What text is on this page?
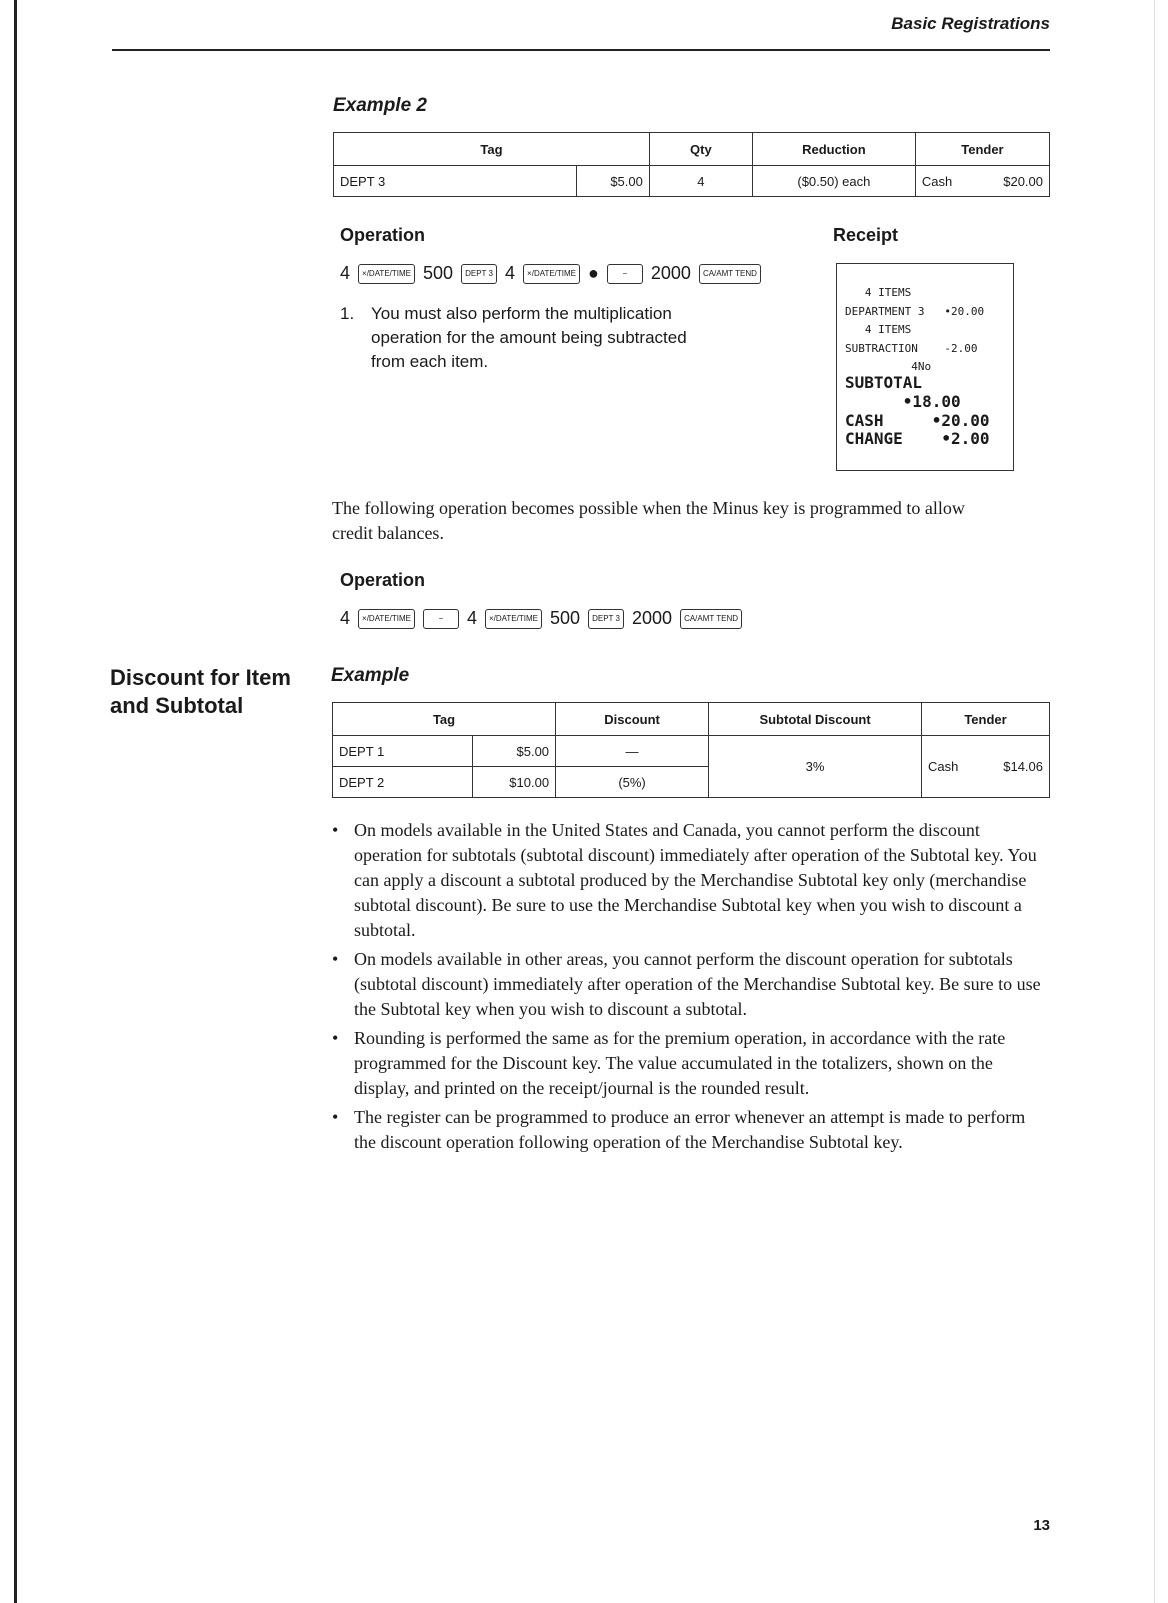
Basic Registrations
Example 2
Tag		Qty	Reduction	Tender	
DEPT 3	$5.00	4	($0.50) each	Cash	$20.00
Operation
4	×/DATE/TIME 500	DEPT 3 4	×/DATE/TIME ●	−	2000	CA/AMT TEND
1. You must also perform the multiplication operation for the amount being subtracted from each item.
Receipt
4 ITEMS
DEPARTMENT 3   •20.00
4 ITEMS
SUBTRACTION    -2.00
4No
SUBTOTAL
•18.00
CASH     •20.00
CHANGE    •2.00
The following operation becomes possible when the Minus key is programmed to allow credit balances.
Operation
4	×/DATE/TIME	−	4	×/DATE/TIME 500	DEPT 3 2000	CA/AMT TEND
Discount for Item and Subtotal
Example
Tag		Discount	Subtotal Discount	Tender	
DEPT 1	$5.00	—	3%	Cash	$14.06
DEPT 2	$10.00	(5%)			
• On models available in the United States and Canada, you cannot perform the discount operation for subtotals (subtotal discount) immediately after operation of the Subtotal key. You can apply a discount a subtotal produced by the Merchandise Subtotal key only (merchandise subtotal discount). Be sure to use the Merchandise Subtotal key when you wish to discount a subtotal.
• On models available in other areas, you cannot perform the discount operation for subtotals (subtotal discount) immediately after operation of the Merchandise Subtotal key. Be sure to use the Subtotal key when you wish to discount a subtotal.
• Rounding is performed the same as for the premium operation, in accordance with the rate programmed for the Discount key. The value accumulated in the totalizers, shown on the display, and printed on the receipt/journal is the rounded result.
• The register can be programmed to produce an error whenever an attempt is made to perform the discount operation following operation of the Merchandise Subtotal key.
13
